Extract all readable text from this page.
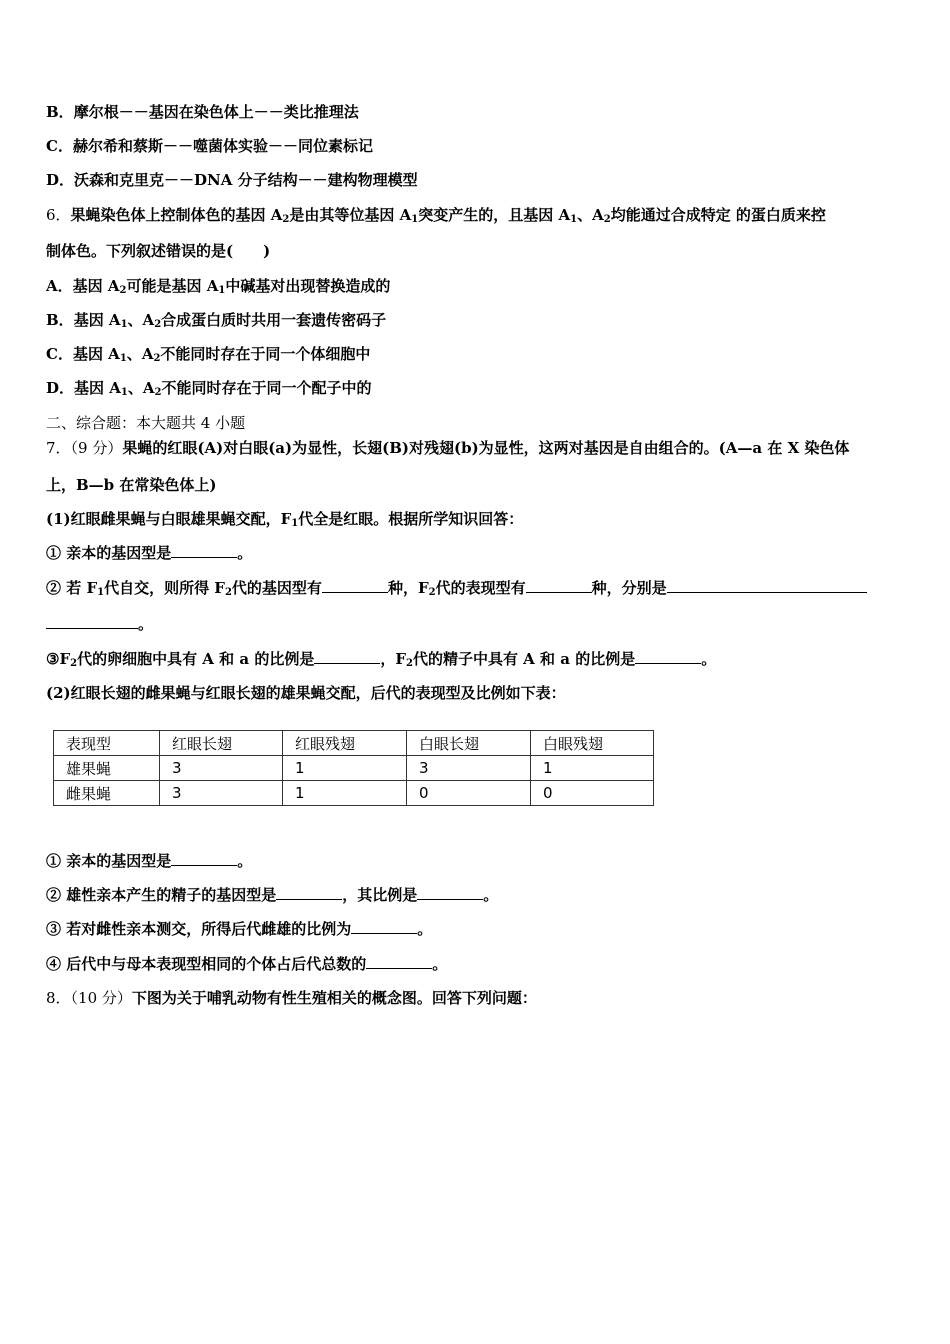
B．摩尔根－－基因在染色体上－－类比推理法
C．赫尔希和蔡斯－－噬菌体实验－－同位素标记
D．沃森和克里克－－DNA 分子结构－－建构物理模型
6．果蝇染色体上控制体色的基因 $A_2$是由其等位基因 $A_1$突变产生的，且基因 $A_1$、$A_2$均能通过合成特定 的蛋白质来控
制体色。下列叙述错误的是(　　)
A．基因 $A_2$可能是基因 $A_1$中碱基对出现替换造成的
B．基因 $A_1$、$A_2$合成蛋白质时共用一套遗传密码子
C．基因 $A_1$、$A_2$不能同时存在于同一个体细胞中
D．基因 $A_1$、$A_2$不能同时存在于同一个配子中的
二、综合题：本大题共 4 小题
7．（9 分）果蝇的红眼(A)对白眼(a)为显性，长翅(B)对残翅(b)为显性，这两对基因是自由组合的。(A—a 在 X 染色体
上，B—b 在常染色体上)
(1)红眼雌果蝇与白眼雄果蝇交配，$F_1$代全是红眼。根据所学知识回答：
① 亲本的基因型是	。
② 若 $F_1$代自交，则所得 $F_2$代的基因型有	种，$F_2$代的表现型有	种，分别是
。
$③F_2$代的卵细胞中具有 A 和 a 的比例是	，$F_2$代的精子中具有 A 和 a 的比例是	。
(2)红眼长翅的雌果蝇与红眼长翅的雄果蝇交配，后代的表现型及比例如下表：
表现型	红眼长翅	红眼残翅	白眼长翅	白眼残翅
雄果蝇	3	1	3	1
雌果蝇	3	1	0	0
① 亲本的基因型是	。
② 雄性亲本产生的精子的基因型是	，其比例是	。
③ 若对雌性亲本测交，所得后代雌雄的比例为	。
④ 后代中与母本表现型相同的个体占后代总数的	。
8．（10 分）下图为关于哺乳动物有性生殖相关的概念图。回答下列问题：
